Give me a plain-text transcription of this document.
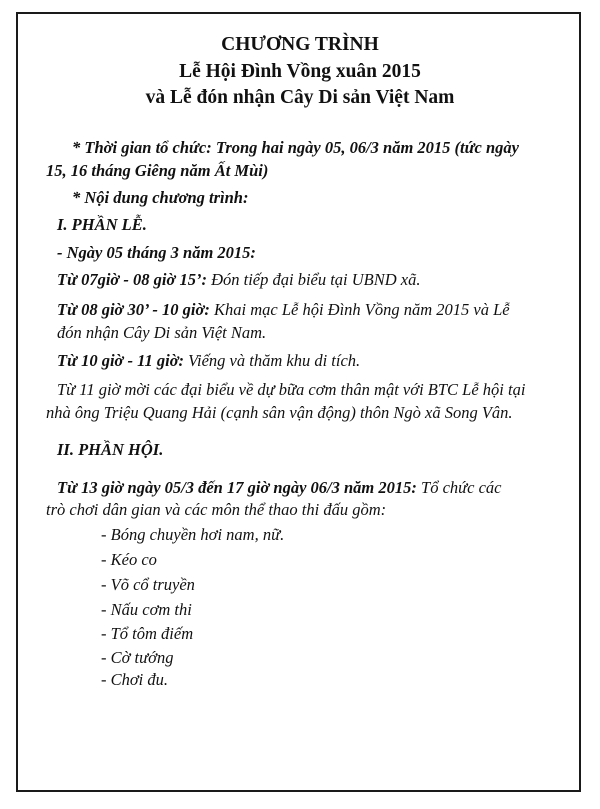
CHƯƠNG TRÌNH
Lễ Hội Đình Vồng xuân 2015
và Lễ đón nhận Cây Di sản Việt Nam
* Thời gian tổ chức: Trong hai ngày 05, 06/3 năm 2015 (tức ngày
15, 16 tháng Giêng năm Ất Mùi)
* Nội dung chương trình:
I. PHẦN LỄ.
- Ngày 05 tháng 3 năm 2015:
Từ 07giờ - 08 giờ 15’: Đón tiếp đại biểu tại UBND xã.
Từ 08 giờ 30’ - 10 giờ: Khai mạc Lễ hội Đình Vồng năm 2015 và Lễ
đón nhận Cây Di sản Việt Nam.
Từ 10 giờ - 11 giờ: Viếng và thăm khu di tích.
Từ 11 giờ mời các đại biểu về dự bữa cơm thân mật với BTC Lễ hội tại
nhà ông Triệu Quang Hải (cạnh sân vận động) thôn Ngò xã Song Vân.
II. PHẦN HỘI.
Từ 13 giờ ngày 05/3 đến 17 giờ ngày 06/3 năm 2015: Tổ chức các
trò chơi dân gian và các môn thể thao thi đấu gồm:
- Bóng chuyền hơi nam, nữ.
- Kéo co
- Võ cổ truyền
- Nấu cơm thi
- Tổ tôm điếm
- Cờ tướng
- Chơi đu.
